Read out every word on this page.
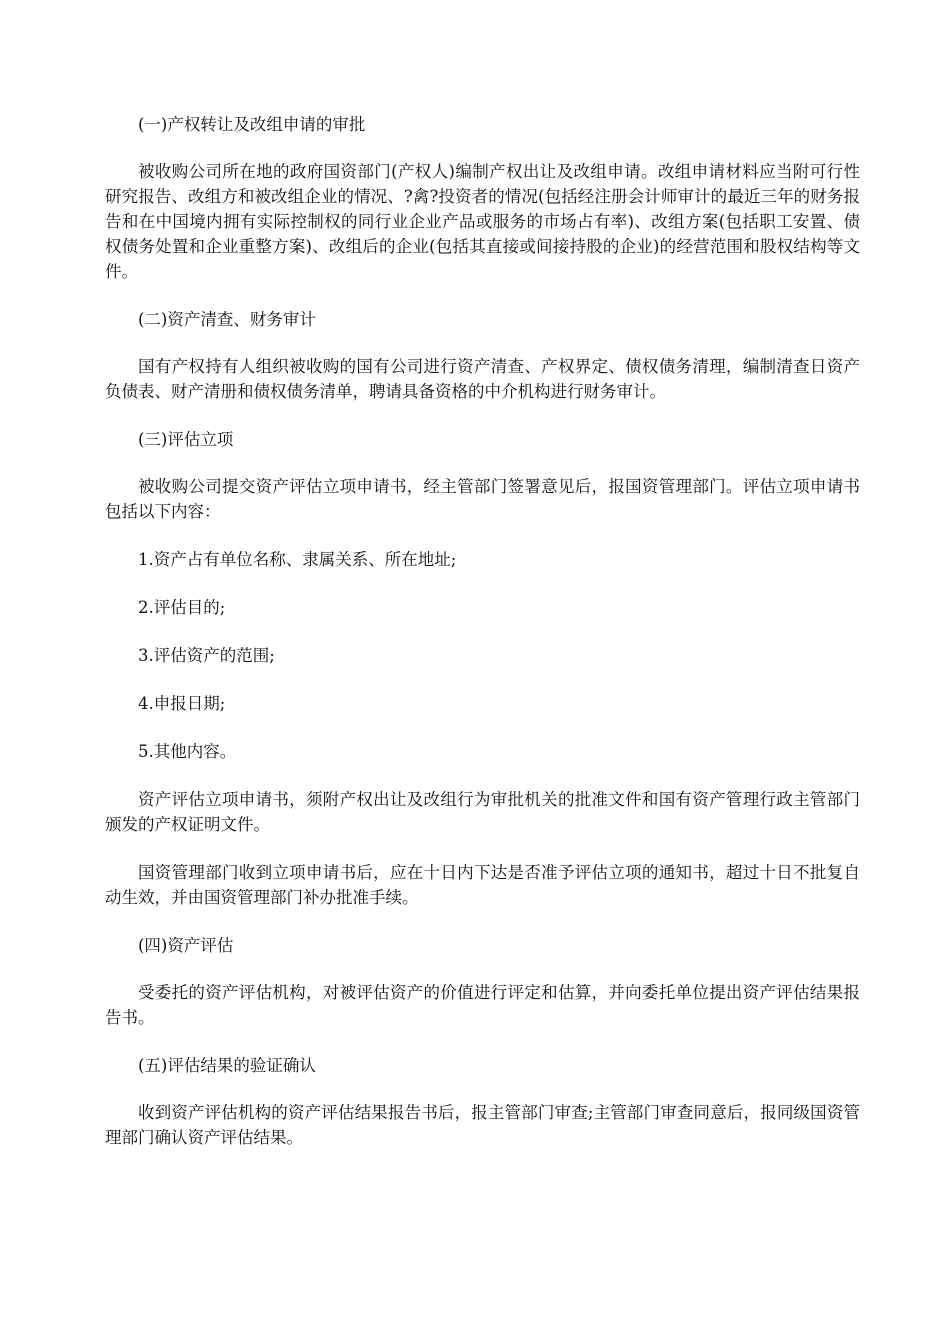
(一)产权转让及改组申请的审批

被收购公司所在地的政府国资部门(产权人)编制产权出让及改组申请。改组申请材料应当附可行性研究报告、改组方和被改组企业的情况、?禽?投资者的情况(包括经注册会计师审计的最近三年的财务报告和在中国境内拥有实际控制权的同行业企业产品或服务的市场占有率)、改组方案(包括职工安置、债权债务处置和企业重整方案)、改组后的企业(包括其直接或间接持股的企业)的经营范围和股权结构等文件。

(二)资产清查、财务审计

国有产权持有人组织被收购的国有公司进行资产清查、产权界定、债权债务清理，编制清查日资产负债表、财产清册和债权债务清单，聘请具备资格的中介机构进行财务审计。

(三)评估立项

被收购公司提交资产评估立项申请书，经主管部门签署意见后，报国资管理部门。评估立项申请书包括以下内容：

1.资产占有单位名称、隶属关系、所在地址;

2.评估目的;

3.评估资产的范围;

4.申报日期;

5.其他内容。

资产评估立项申请书，须附产权出让及改组行为审批机关的批准文件和国有资产管理行政主管部门颁发的产权证明文件。

国资管理部门收到立项申请书后，应在十日内下达是否准予评估立项的通知书，超过十日不批复自动生效，并由国资管理部门补办批准手续。

(四)资产评估

受委托的资产评估机构，对被评估资产的价值进行评定和估算，并向委托单位提出资产评估结果报告书。

(五)评估结果的验证确认

收到资产评估机构的资产评估结果报告书后，报主管部门审查;主管部门审查同意后，报同级国资管理部门确认资产评估结果。
